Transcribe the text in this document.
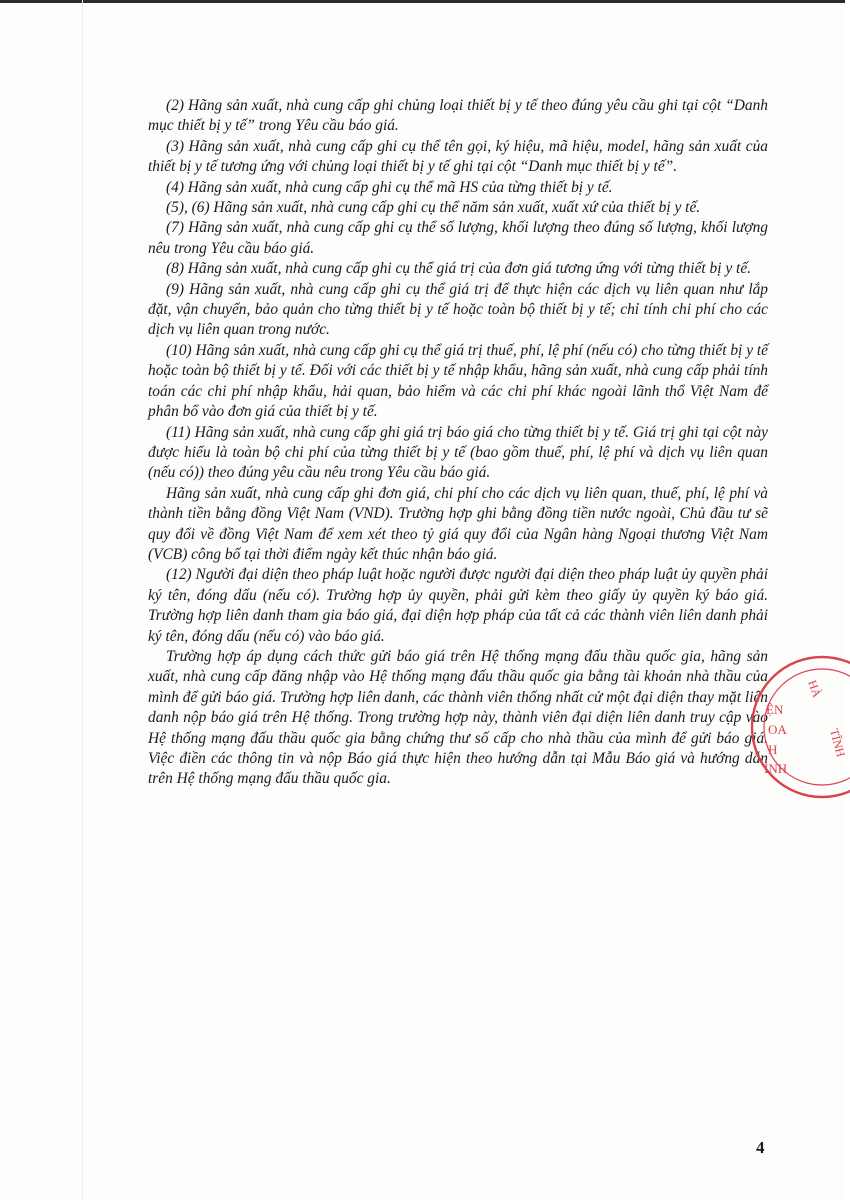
(2) Hãng sản xuất, nhà cung cấp ghi chủng loại thiết bị y tế theo đúng yêu cầu ghi tại cột “Danh mục thiết bị y tế” trong Yêu cầu báo giá.

(3) Hãng sản xuất, nhà cung cấp ghi cụ thể tên gọi, ký hiệu, mã hiệu, model, hãng sản xuất của thiết bị y tế tương ứng với chủng loại thiết bị y tế ghi tại cột “Danh mục thiết bị y tế”.

(4) Hãng sản xuất, nhà cung cấp ghi cụ thể mã HS của từng thiết bị y tế.

(5), (6) Hãng sản xuất, nhà cung cấp ghi cụ thể năm sản xuất, xuất xứ của thiết bị y tế.

(7) Hãng sản xuất, nhà cung cấp ghi cụ thể số lượng, khối lượng theo đúng số lượng, khối lượng nêu trong Yêu cầu báo giá.

(8) Hãng sản xuất, nhà cung cấp ghi cụ thể giá trị của đơn giá tương ứng với từng thiết bị y tế.

(9) Hãng sản xuất, nhà cung cấp ghi cụ thể giá trị để thực hiện các dịch vụ liên quan như lắp đặt, vận chuyển, bảo quản cho từng thiết bị y tế hoặc toàn bộ thiết bị y tế; chỉ tính chi phí cho các dịch vụ liên quan trong nước.

(10) Hãng sản xuất, nhà cung cấp ghi cụ thể giá trị thuế, phí, lệ phí (nếu có) cho từng thiết bị y tế hoặc toàn bộ thiết bị y tế. Đối với các thiết bị y tế nhập khẩu, hãng sản xuất, nhà cung cấp phải tính toán các chi phí nhập khẩu, hải quan, bảo hiểm và các chi phí khác ngoài lãnh thổ Việt Nam để phân bổ vào đơn giá của thiết bị y tế.

(11) Hãng sản xuất, nhà cung cấp ghi giá trị báo giá cho từng thiết bị y tế. Giá trị ghi tại cột này được hiểu là toàn bộ chi phí của từng thiết bị y tế (bao gồm thuế, phí, lệ phí và dịch vụ liên quan (nếu có)) theo đúng yêu cầu nêu trong Yêu cầu báo giá.

Hãng sản xuất, nhà cung cấp ghi đơn giá, chi phí cho các dịch vụ liên quan, thuế, phí, lệ phí và thành tiền bằng đồng Việt Nam (VND). Trường hợp ghi bằng đồng tiền nước ngoài, Chủ đầu tư sẽ quy đổi về đồng Việt Nam để xem xét theo tỷ giá quy đổi của Ngân hàng Ngoại thương Việt Nam (VCB) công bố tại thời điểm ngày kết thúc nhận báo giá.

(12) Người đại diện theo pháp luật hoặc người được người đại diện theo pháp luật ủy quyền phải ký tên, đóng dấu (nếu có). Trường hợp ủy quyền, phải gửi kèm theo giấy ủy quyền ký báo giá. Trường hợp liên danh tham gia báo giá, đại diện hợp pháp của tất cả các thành viên liên danh phải ký tên, đóng dấu (nếu có) vào báo giá.

Trường hợp áp dụng cách thức gửi báo giá trên Hệ thống mạng đấu thầu quốc gia, hãng sản xuất, nhà cung cấp đăng nhập vào Hệ thống mạng đấu thầu quốc gia bằng tài khoản nhà thầu của mình để gửi báo giá. Trường hợp liên danh, các thành viên thống nhất cử một đại diện thay mặt liên danh nộp báo giá trên Hệ thống. Trong trường hợp này, thành viên đại diện liên danh truy cập vào Hệ thống mạng đấu thầu quốc gia bằng chứng thư số cấp cho nhà thầu của mình để gửi báo giá. Việc điền các thông tin và nộp Báo giá thực hiện theo hướng dẫn tại Mẫu Báo giá và hướng dẫn trên Hệ thống mạng đấu thầu quốc gia.

ỆN
OA
H
ÌNH
HÀ
TĨNH
4
